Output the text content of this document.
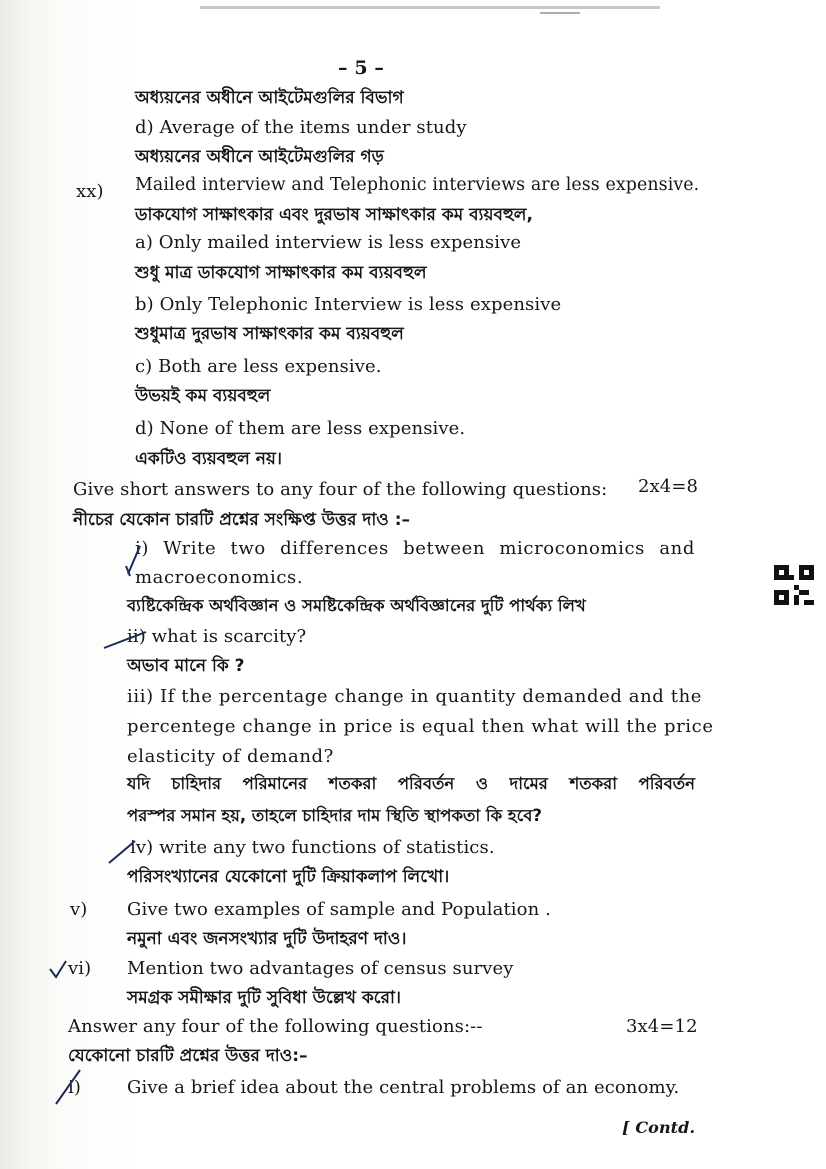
– 5 –
অধ্যয়নের অধীনে আইটেমগুলির বিভাগ
d) Average of the items under study
অধ্যয়নের অধীনে আইটেমগুলির গড়
xx) Mailed interview and Telephonic interviews are less expensive.
ডাকযোগ সাক্ষাৎকার এবং দুরভাষ সাক্ষাৎকার কম ব্যয়বহুল,
a) Only mailed interview is less expensive
শুধু মাত্র ডাকযোগ সাক্ষাৎকার কম ব্যয়বহুল
b) Only Telephonic Interview is less expensive
শুধুমাত্র দুরভাষ সাক্ষাৎকার কম ব্যয়বহুল
c) Both are less expensive.
উভয়ই কম ব্যয়বহুল
d) None of them are less expensive.
একটিও ব্যয়বহুল নয়।
Give short answers to any four of the following questions: 2x4=8
নীচের যেকোন চারটি প্রশ্নের সংক্ষিপ্ত উত্তর দাও :–
i) Write two differences between microconomics and
macroeconomics.
ব্যষ্টিকেন্দ্রিক অর্থবিজ্ঞান ও সমষ্টিকেন্দ্রিক অর্থবিজ্ঞানের দুটি পার্থক্য লিখ
ii) what is scarcity?
অভাব মানে কি ?
iii) If the percentage change in quantity demanded and the
percentege change in price is equal then what will the price
elasticity of demand?
যদি চাহিদার পরিমানের শতকরা পরিবর্তন ও দামের শতকরা পরিবর্তন
পরস্পর সমান হয়, তাহলে চাহিদার দাম স্থিতি স্থাপকতা কি হবে?
iv) write any two functions of statistics.
পরিসংখ্যানের যেকোনো দুটি ক্রিয়াকলাপ লিখো।
v) Give two examples of sample and Population .
নমুনা এবং জনসংখ্যার দুটি উদাহরণ দাও।
vi) Mention two advantages of census survey
সমগ্রক সমীক্ষার দুটি সুবিধা উল্লেখ করো।
Answer any four of the following questions:--	3x4=12
যেকোনো চারটি প্রশ্নের উত্তর দাও:–
i)	Give a brief idea about the central problems of an economy.
[ Contd.
